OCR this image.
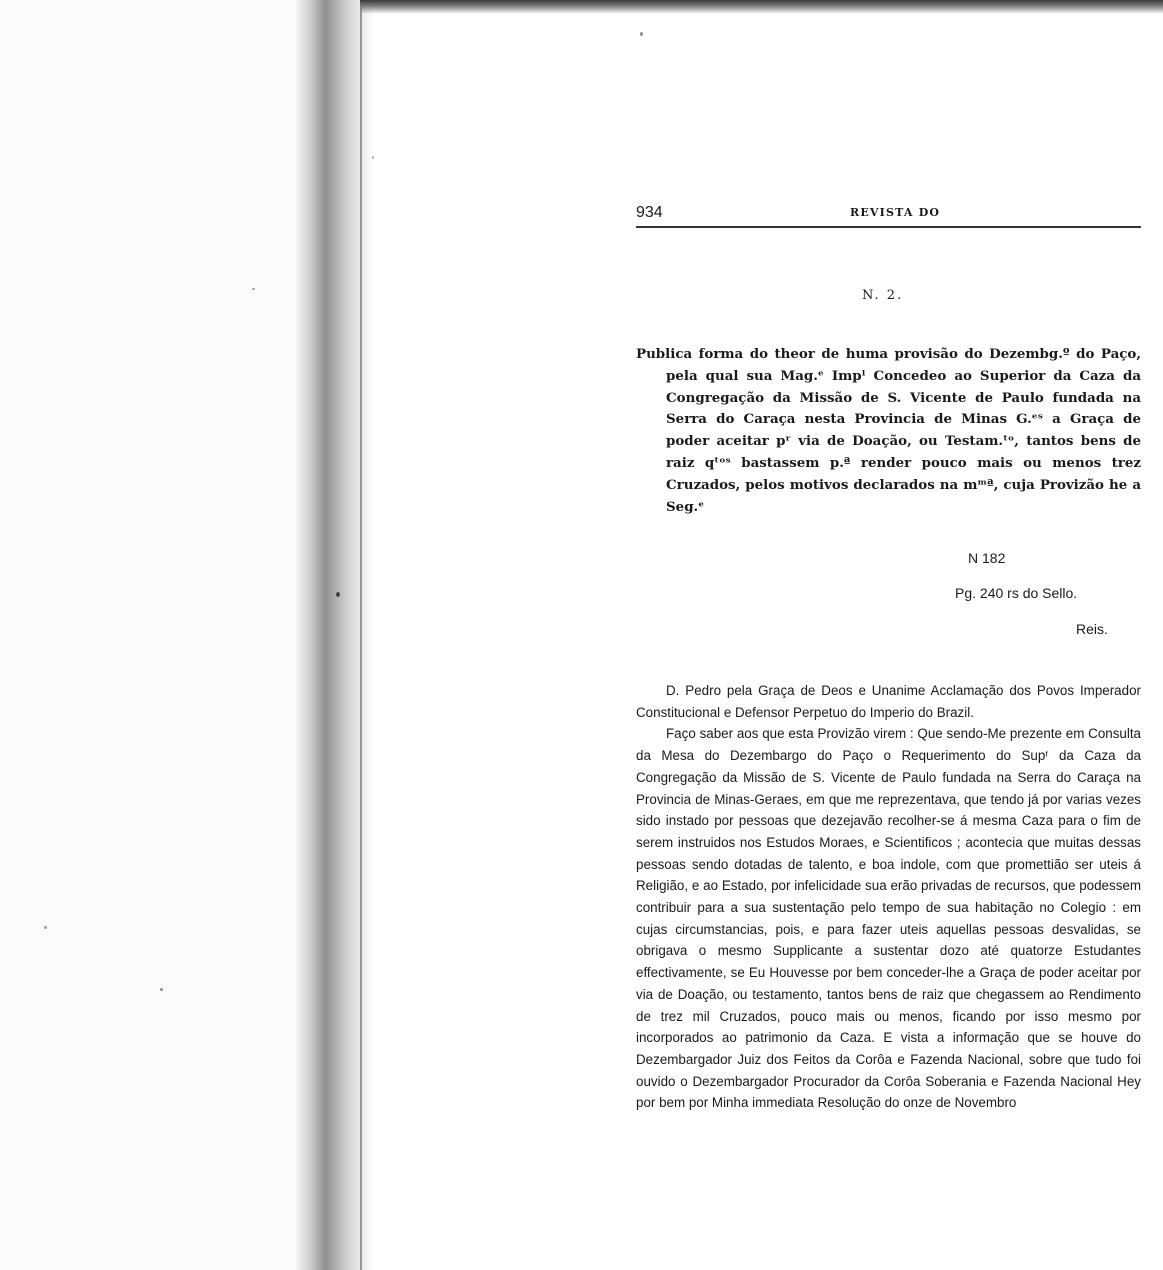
934	REVISTA DO
N. 2.

Publica forma do theor de huma provisão do Dezembg.º do Paço, pela qual sua Mag.ᵉ Impˡ Concedeo ao Superior da Caza da Congregação da Missão de S. Vicente de Paulo fundada na Serra do Caraça nesta Provincia de Minas G.ᵉˢ a Graça de poder aceitar pʳ via de Doação, ou Testam.ᵗᵒ, tantos bens de raiz qᵗᵒˢ bastassem p.ª render pouco mais ou menos trez Cruzados, pelos motivos declarados na mᵐª, cuja Provizão he a Seg.ᵉ

N 182
Pg. 240 rs do Sello.
Reis.

D. Pedro pela Graça de Deos e Unanime Acclamação dos Povos Imperador Constitucional e Defensor Perpetuo do Imperio do Brazil.

Faço saber aos que esta Provizão virem : Que sendo-Me prezente em Consulta da Mesa do Dezembargo do Paço o Requerimento do Supʳ da Caza da Congregação da Missão de S. Vicente de Paulo fundada na Serra do Caraça na Provincia de Minas-Geraes, em que me reprezentava, que tendo já por varias vezes sido instado por pessoas que dezejavão recolher-se á mesma Caza para o fim de serem instruidos nos Estudos Moraes, e Scientificos ; acontecia que muitas dessas pessoas sendo dotadas de talento, e boa indole, com que promettião ser uteis á Religião, e ao Estado, por infelicidade sua erão privadas de recursos, que podessem contribuir para a sua sustentação pelo tempo de sua habitação no Colegio : em cujas circumstancias, pois, e para fazer uteis aquellas pessoas desvalidas, se obrigava o mesmo Supplicante a sustentar dozo até quatorze Estudantes effectivamente, se Eu Houvesse por bem conceder-lhe a Graça de poder aceitar por via de Doação, ou testamento, tantos bens de raiz que chegassem ao Rendimento de trez mil Cruzados, pouco mais ou menos, ficando por isso mesmo por incorporados ao patrimonio da Caza. E vista a informação que se houve do Dezembargador Juiz dos Feitos da Corôa e Fazenda Nacional, sobre que tudo foi ouvido o Dezembargador Procurador da Corôa Soberania e Fazenda Nacional Hey por bem por Minha immediata Resolução do onze de Novembro
